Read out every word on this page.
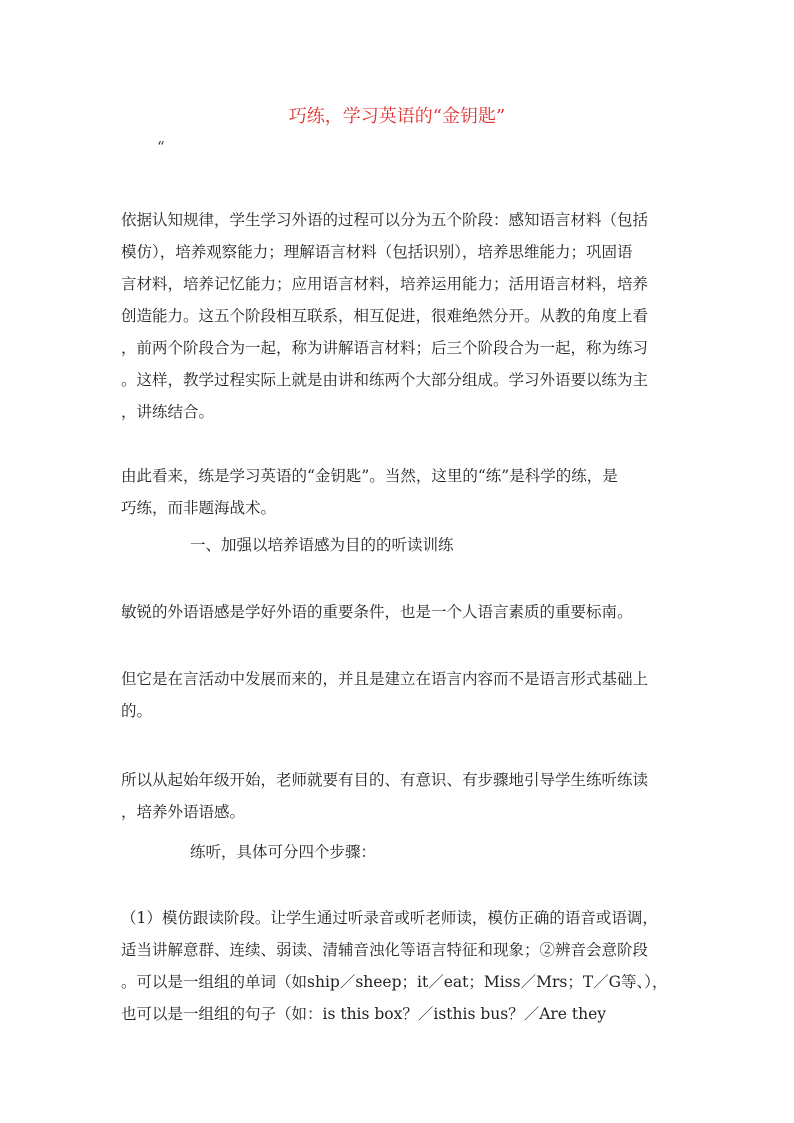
巧练，学习英语的“金钥匙”
“

依据认知规律，学生学习外语的过程可以分为五个阶段：感知语言材料（包括
模仿），培养观察能力；理解语言材料（包括识别），培养思维能力；巩固语
言材料，培养记忆能力；应用语言材料，培养运用能力；活用语言材料，培养
创造能力。这五个阶段相互联系，相互促进，很难绝然分开。从教的角度上看
，前两个阶段合为一起，称为讲解语言材料；后三个阶段合为一起，称为练习
。这样，教学过程实际上就是由讲和练两个大部分组成。学习外语要以练为主
，讲练结合。

由此看来，练是学习英语的“金钥匙”。当然，这里的“练”是科学的练，是
巧练，而非题海战术。

一、加强以培养语感为目的的听读训练

敏锐的外语语感是学好外语的重要条件，也是一个人语言素质的重要标南。

但它是在言活动中发展而来的，并且是建立在语言内容而不是语言形式基础上
的。

所以从起始年级开始，老师就要有目的、有意识、有步骤地引导学生练听练读
，培养外语语感。

练听，具体可分四个步骤：

（1）模仿跟读阶段。让学生通过听录音或听老师读，模仿正确的语音或语调，
适当讲解意群、连续、弱读、清辅音浊化等语言特征和现象；②辨音会意阶段
。可以是一组组的单词（如ship／sheep；it／eat；Miss／Mrs；T／G等、），
也可以是一组组的句子（如：is this box？／isthis bus？／Are they
